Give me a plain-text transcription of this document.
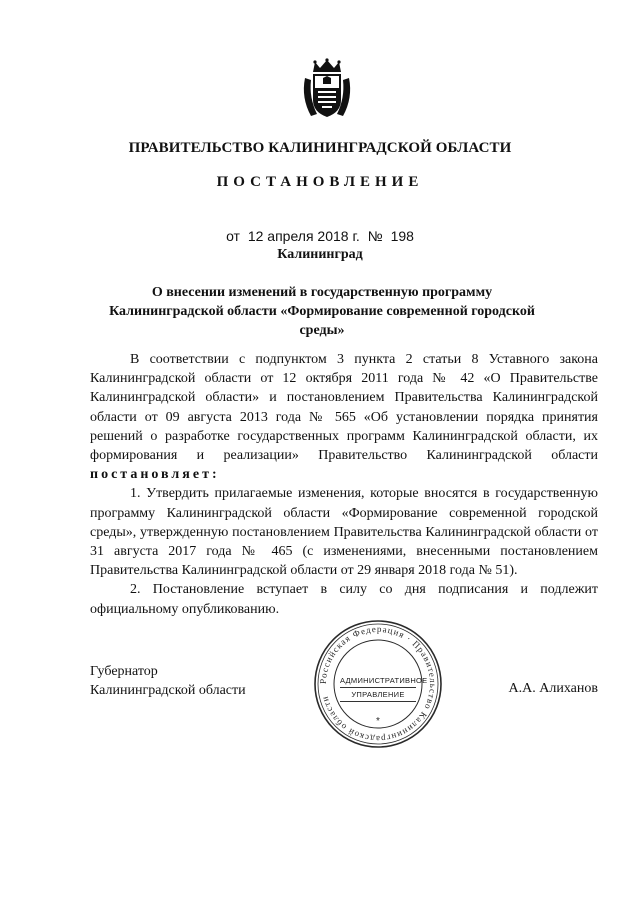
ПРАВИТЕЛЬСТВО КАЛИНИНГРАДСКОЙ ОБЛАСТИ
ПОСТАНОВЛЕНИЕ
от 12 апреля 2018 г. № 198
Калининград
О внесении изменений в государственную программу Калининградской области «Формирование современной городской среды»

В соответствии с подпунктом 3 пункта 2 статьи 8 Уставного закона Калининградской области от 12 октября 2011 года № 42 «О Правительстве Калининградской области» и постановлением Правительства Калининградской области от 09 августа 2013 года № 565 «Об установлении порядка принятия решений о разработке государственных программ Калининградской области, их формирования и реализации» Правительство Калининградской области постановляет:

1. Утвердить прилагаемые изменения, которые вносятся в государственную программу Калининградской области «Формирование современной городской среды», утвержденную постановлением Правительства Калининградской области от 31 августа 2017 года № 465 (с изменениями, внесенными постановлением Правительства Калининградской области от 29 января 2018 года № 51).

2. Постановление вступает в силу со дня подписания и подлежит официальному опубликованию.

Губернатор
Калининградской области	А.А. Алиханов
Российская Федерация · Правительство Калининградской области
*
АДМИНИСТРАТИВНОЕ
УПРАВЛЕНИЕ
